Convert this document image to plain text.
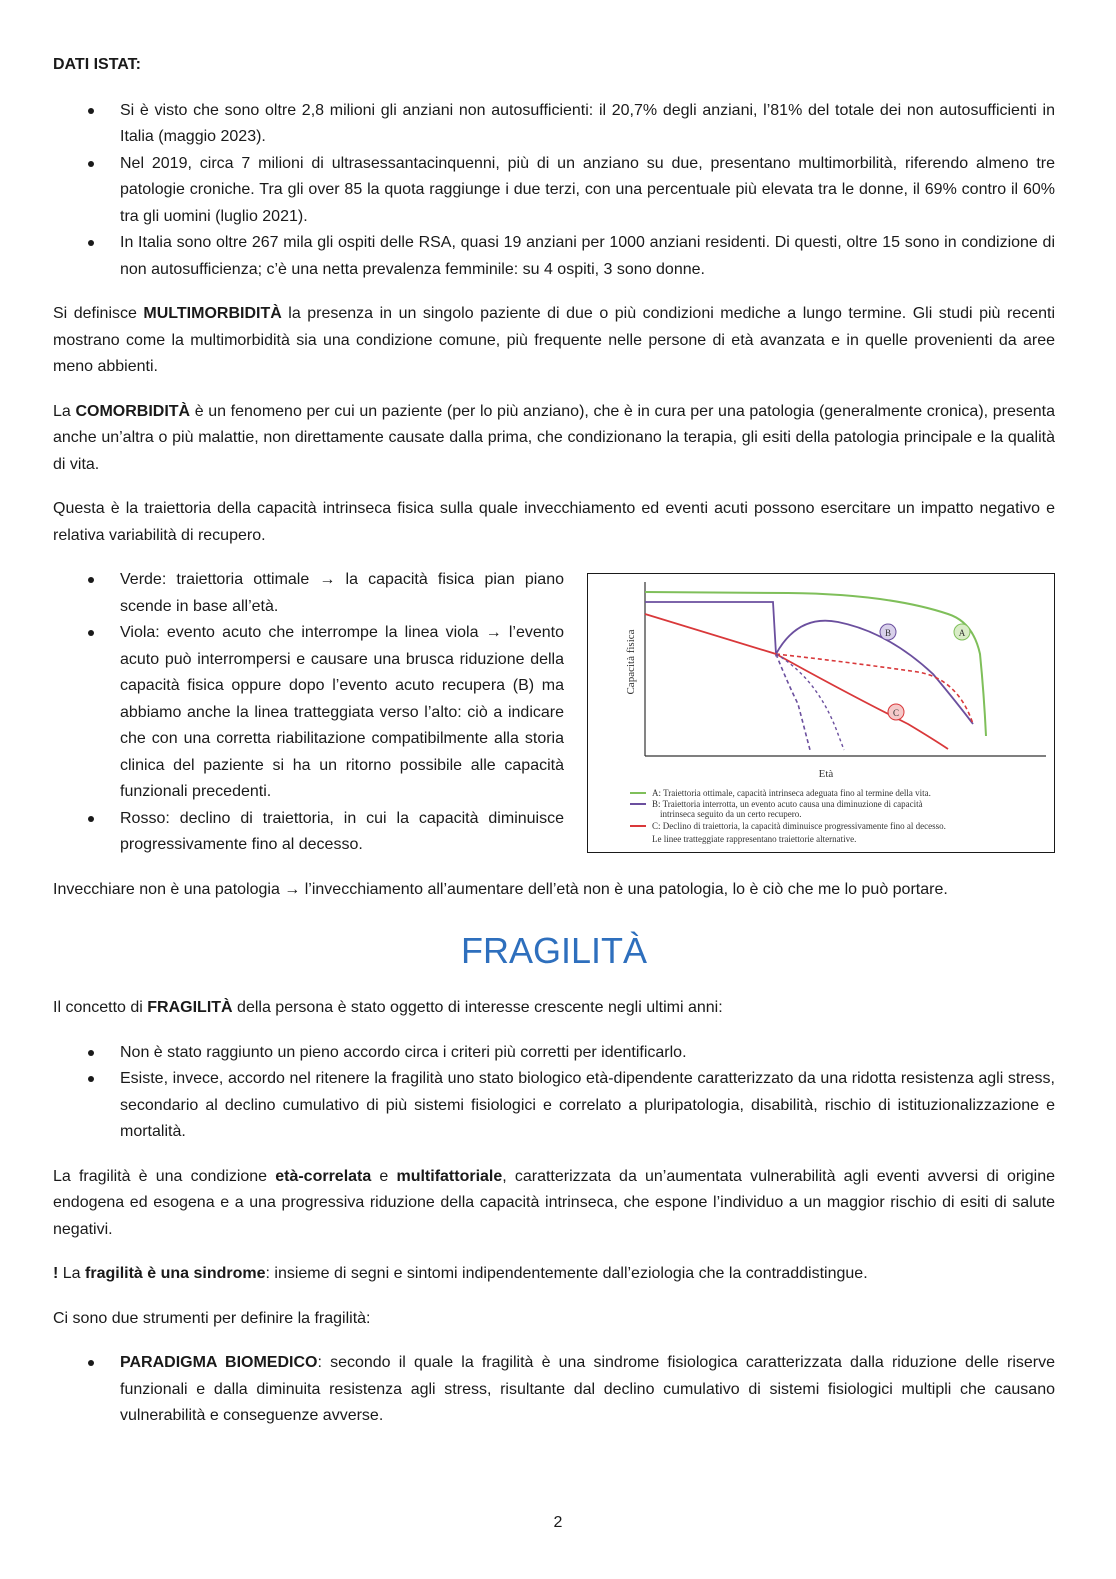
DATI ISTAT:

Si è visto che sono oltre 2,8 milioni gli anziani non autosufficienti: il 20,7% degli anziani, l’81% del totale dei non autosufficienti in Italia (maggio 2023).
Nel 2019, circa 7 milioni di ultrasessantacinquenni, più di un anziano su due, presentano multimorbilità, riferendo almeno tre patologie croniche. Tra gli over 85 la quota raggiunge i due terzi, con una percentuale più elevata tra le donne, il 69% contro il 60% tra gli uomini (luglio 2021).
In Italia sono oltre 267 mila gli ospiti delle RSA, quasi 19 anziani per 1000 anziani residenti. Di questi, oltre 15 sono in condizione di non autosufficienza; c’è una netta prevalenza femminile: su 4 ospiti, 3 sono donne.

Si definisce MULTIMORBIDITÀ la presenza in un singolo paziente di due o più condizioni mediche a lungo termine. Gli studi più recenti mostrano come la multimorbidità sia una condizione comune, più frequente nelle persone di età avanzata e in quelle provenienti da aree meno abbienti.

La COMORBIDITÀ è un fenomeno per cui un paziente (per lo più anziano), che è in cura per una patologia (generalmente cronica), presenta anche un’altra o più malattie, non direttamente causate dalla prima, che condizionano la terapia, gli esiti della patologia principale e la qualità di vita.

Questa è la traiettoria della capacità intrinseca fisica sulla quale invecchiamento ed eventi acuti possono esercitare un impatto negativo e relativa variabilità di recupero.

Verde: traiettoria ottimale → la capacità fisica pian piano scende in base all’età.
Viola: evento acuto che interrompe la linea viola → l’evento acuto può interrompersi e causare una brusca riduzione della capacità fisica oppure dopo l’evento acuto recupera (B) ma abbiamo anche la linea tratteggiata verso l’alto: ciò a indicare che con una corretta riabilitazione compatibilmente alla storia clinica del paziente si ha un ritorno possibile alle capacità funzionali precedenti.
Rosso: declino di traiettoria, in cui la capacità diminuisce progressivamente fino al decesso.
Capacità fisica
Età
B	A
C
A: Traiettoria ottimale, capacità intrinseca adeguata fino al termine della vita.
B: Traiettoria interrotta, un evento acuto causa una diminuzione di capacità
intrinseca seguito da un certo recupero.
C: Declino di traiettoria, la capacità diminuisce progressivamente fino al decesso.
Le linee tratteggiate rappresentano traiettorie alternative.

Invecchiare non è una patologia → l’invecchiamento all’aumentare dell’età non è una patologia, lo è ciò che me lo può portare.

FRAGILITÀ

Il concetto di FRAGILITÀ della persona è stato oggetto di interesse crescente negli ultimi anni:

Non è stato raggiunto un pieno accordo circa i criteri più corretti per identificarlo.
Esiste, invece, accordo nel ritenere la fragilità uno stato biologico età-dipendente caratterizzato da una ridotta resistenza agli stress, secondario al declino cumulativo di più sistemi fisiologici e correlato a pluripatologia, disabilità, rischio di istituzionalizzazione e mortalità.

La fragilità è una condizione età-correlata e multifattoriale, caratterizzata da un’aumentata vulnerabilità agli eventi avversi di origine endogena ed esogena e a una progressiva riduzione della capacità intrinseca, che espone l’individuo a un maggior rischio di esiti di salute negativi.

! La fragilità è una sindrome: insieme di segni e sintomi indipendentemente dall’eziologia che la contraddistingue.

Ci sono due strumenti per definire la fragilità:

PARADIGMA BIOMEDICO: secondo il quale la fragilità è una sindrome fisiologica caratterizzata dalla riduzione delle riserve funzionali e dalla diminuita resistenza agli stress, risultante dal declino cumulativo di sistemi fisiologici multipli che causano vulnerabilità e conseguenze avverse.
2
